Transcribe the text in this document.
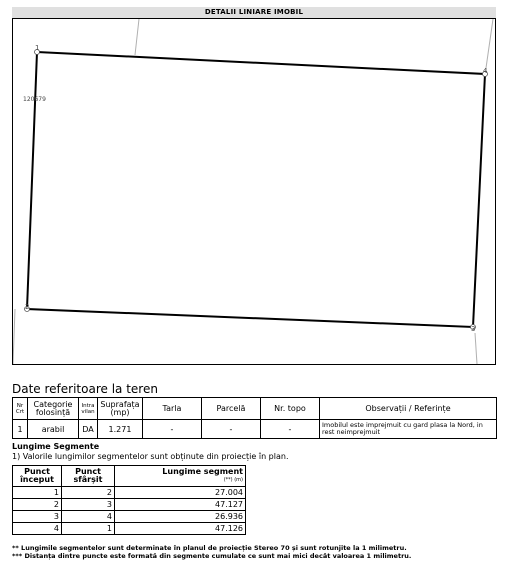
DETALII LINIARE IMOBIL
1
4
2
3
120679
Date referitoare la teren
Nr Crt	Categorie folosință	Intra vilan	Suprafața (mp)	Tarla	Parcelă	Nr. topo	Observații / Referințe
1	arabil	DA	1.271	-	-	-	Imobilul este imprejmuit cu gard plasa la Nord, in rest neimprejmuit
Lungime Segmente
1) Valorile lungimilor segmentelor sunt obținute din proiecție în plan.
Punct început	Punct sfârșit	Lungime segment
(**) (m)

1	2	27.004
2	3	47.127
3	4	26.936
4	1	47.126
** Lungimile segmentelor sunt determinate în planul de proiecție Stereo 70 și sunt rotunjite la 1 milimetru.
*** Distanța dintre puncte este formată din segmente cumulate ce sunt mai mici decât valoarea 1 milimetru.
